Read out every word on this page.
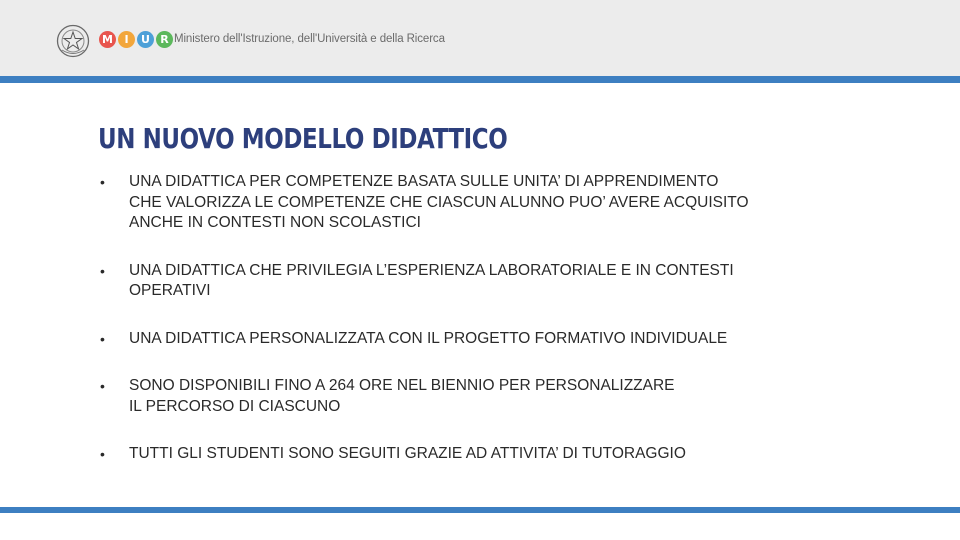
M	I	U R Ministero dell'Istruzione, dell'Università e della Ricerca
UN NUOVO MODELLO DIDATTICO
• UNA DIDATTICA PER COMPETENZE BASATA SULLE UNITA’ DI APPRENDIMENTO
CHE VALORIZZA LE COMPETENZE CHE CIASCUN ALUNNO PUO’ AVERE ACQUISITO
ANCHE IN CONTESTI NON SCOLASTICI
• UNA DIDATTICA CHE PRIVILEGIA L’ESPERIENZA LABORATORIALE E IN CONTESTI
OPERATIVI
• UNA DIDATTICA PERSONALIZZATA CON IL PROGETTO FORMATIVO INDIVIDUALE
• SONO DISPONIBILI FINO A 264 ORE NEL BIENNIO PER PERSONALIZZARE
IL PERCORSO DI CIASCUNO
• TUTTI GLI STUDENTI SONO SEGUITI GRAZIE AD ATTIVITA’ DI TUTORAGGIO
